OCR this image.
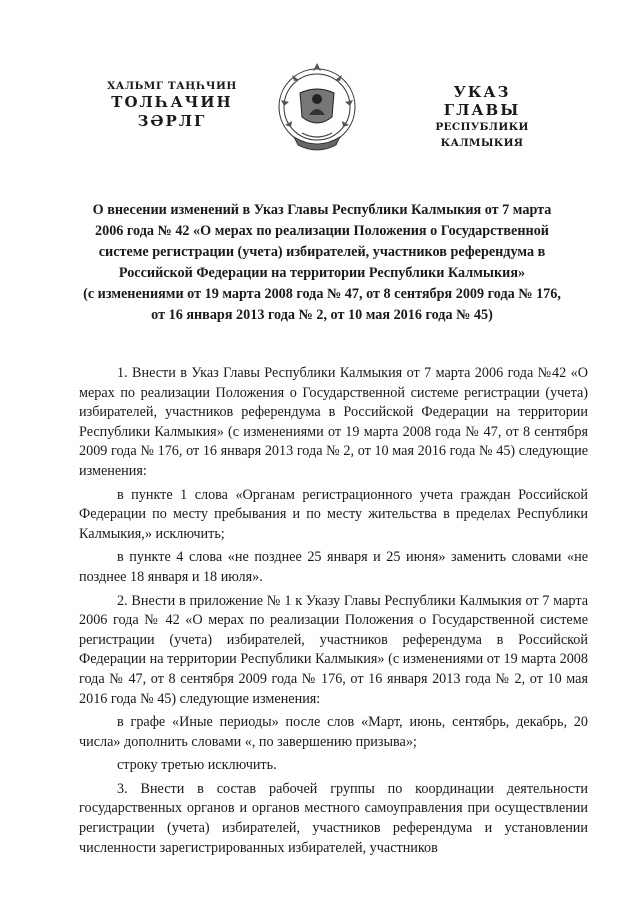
ХАЛЬМГ ТАҢҺЧИН
ТОЛҺАЧИН
ЗӘРЛГ
УКАЗ
ГЛАВЫ
РЕСПУБЛИКИ КАЛМЫКИЯ
О внесении изменений в Указ Главы Республики Калмыкия от 7 марта
2006 года № 42 «О мерах по реализации Положения о Государственной
системе регистрации (учета) избирателей, участников референдума в
Российской Федерации на территории Республики Калмыкия»
(с изменениями от 19 марта 2008 года № 47, от 8 сентября 2009 года № 176,
от 16 января 2013 года № 2, от 10 мая 2016 года № 45)

1. Внести в Указ Главы Республики Калмыкия от 7 марта 2006 года №42 «О мерах по реализации Положения о Государственной системе регистрации (учета) избирателей, участников референдума в Российской Федерации на территории Республики Калмыкия» (с изменениями от 19 марта 2008 года № 47, от 8 сентября 2009 года № 176, от 16 января 2013 года № 2, от 10 мая 2016 года № 45) следующие изменения:

в пункте 1 слова «Органам регистрационного учета граждан Российской Федерации по месту пребывания и по месту жительства в пределах Республики Калмыкия,» исключить;

в пункте 4 слова «не позднее 25 января и 25 июня» заменить словами «не позднее 18 января и 18 июля».

2. Внести в приложение № 1 к Указу Главы Республики Калмыкия от 7 марта 2006 года № 42 «О мерах по реализации Положения о Государственной системе регистрации (учета) избирателей, участников референдума в Российской Федерации на территории Республики Калмыкия» (с изменениями от 19 марта 2008 года № 47, от 8 сентября 2009 года № 176, от 16 января 2013 года № 2, от 10 мая 2016 года № 45) следующие изменения:

в графе «Иные периоды» после слов «Март, июнь, сентябрь, декабрь, 20 числа» дополнить словами «, по завершению призыва»;

строку третью исключить.

3. Внести в состав рабочей группы по координации деятельности государственных органов и органов местного самоуправления при осуществлении регистрации (учета) избирателей, участников референдума и установлении численности зарегистрированных избирателей, участников
